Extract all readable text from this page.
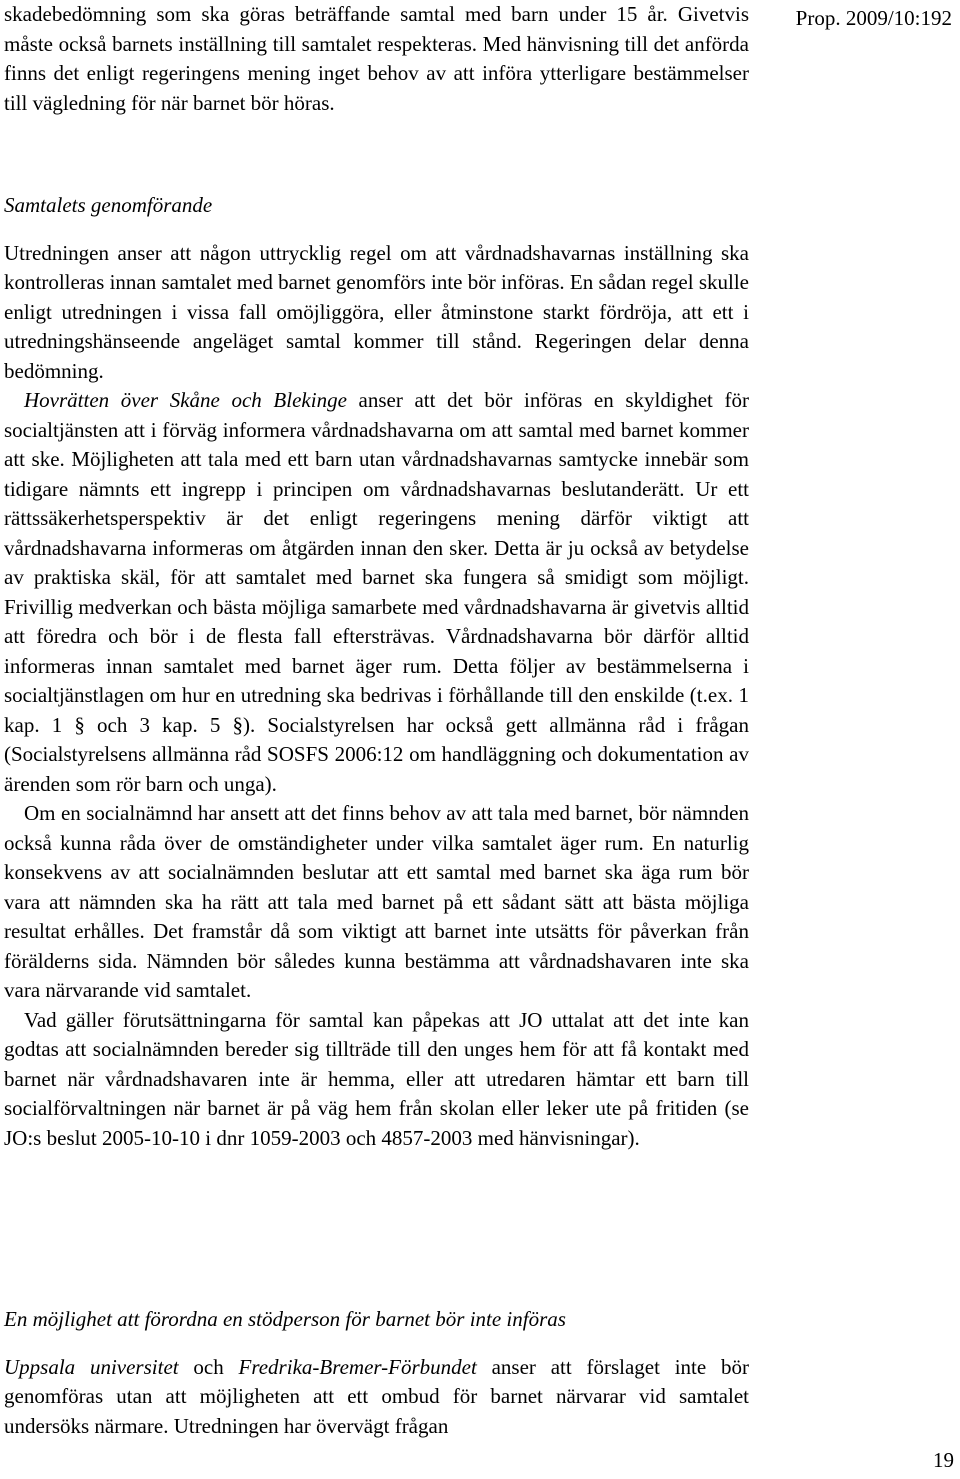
Prop. 2009/10:192

skadebedömning som ska göras beträffande samtal med barn under 15 år. Givetvis måste också barnets inställning till samtalet respekteras. Med hänvisning till det anförda finns det enligt regeringens mening inget behov av att införa ytterligare bestämmelser till vägledning för när barnet bör höras.

Samtalets genomförande

Utredningen anser att någon uttrycklig regel om att vårdnadshavarnas inställning ska kontrolleras innan samtalet med barnet genomförs inte bör införas. En sådan regel skulle enligt utredningen i vissa fall omöjliggöra, eller åtminstone starkt fördröja, att ett i utredningshänseende angeläget samtal kommer till stånd. Regeringen delar denna bedömning.

Hovrätten över Skåne och Blekinge anser att det bör införas en skyldighet för socialtjänsten att i förväg informera vårdnadshavarna om att samtal med barnet kommer att ske. Möjligheten att tala med ett barn utan vårdnadshavarnas samtycke innebär som tidigare nämnts ett ingrepp i principen om vårdnadshavarnas beslutanderätt. Ur ett rättssäkerhetsperspektiv är det enligt regeringens mening därför viktigt att vårdnadshavarna informeras om åtgärden innan den sker. Detta är ju också av betydelse av praktiska skäl, för att samtalet med barnet ska fungera så smidigt som möjligt. Frivillig medverkan och bästa möjliga samarbete med vårdnadshavarna är givetvis alltid att föredra och bör i de flesta fall eftersträvas. Vårdnadshavarna bör därför alltid informeras innan samtalet med barnet äger rum. Detta följer av bestämmelserna i socialtjänstlagen om hur en utredning ska bedrivas i förhållande till den enskilde (t.ex. 1 kap. 1 § och 3 kap. 5 §). Socialstyrelsen har också gett allmänna råd i frågan (Socialstyrelsens allmänna råd SOSFS 2006:12 om handläggning och dokumentation av ärenden som rör barn och unga).

Om en socialnämnd har ansett att det finns behov av att tala med barnet, bör nämnden också kunna råda över de omständigheter under vilka samtalet äger rum. En naturlig konsekvens av att socialnämnden beslutar att ett samtal med barnet ska äga rum bör vara att nämnden ska ha rätt att tala med barnet på ett sådant sätt att bästa möjliga resultat erhålles. Det framstår då som viktigt att barnet inte utsätts för påverkan från förälderns sida. Nämnden bör således kunna bestämma att vårdnadshavaren inte ska vara närvarande vid samtalet.

Vad gäller förutsättningarna för samtal kan påpekas att JO uttalat att det inte kan godtas att socialnämnden bereder sig tillträde till den unges hem för att få kontakt med barnet när vårdnadshavaren inte är hemma, eller att utredaren hämtar ett barn till socialförvaltningen när barnet är på väg hem från skolan eller leker ute på fritiden (se JO:s beslut 2005-10-10 i dnr 1059-2003 och 4857-2003 med hänvisningar).

En möjlighet att förordna en stödperson för barnet bör inte införas

Uppsala universitet och Fredrika-Bremer-Förbundet anser att förslaget inte bör genomföras utan att möjligheten att ett ombud för barnet närvarar vid samtalet undersöks närmare. Utredningen har övervägt frågan

19
